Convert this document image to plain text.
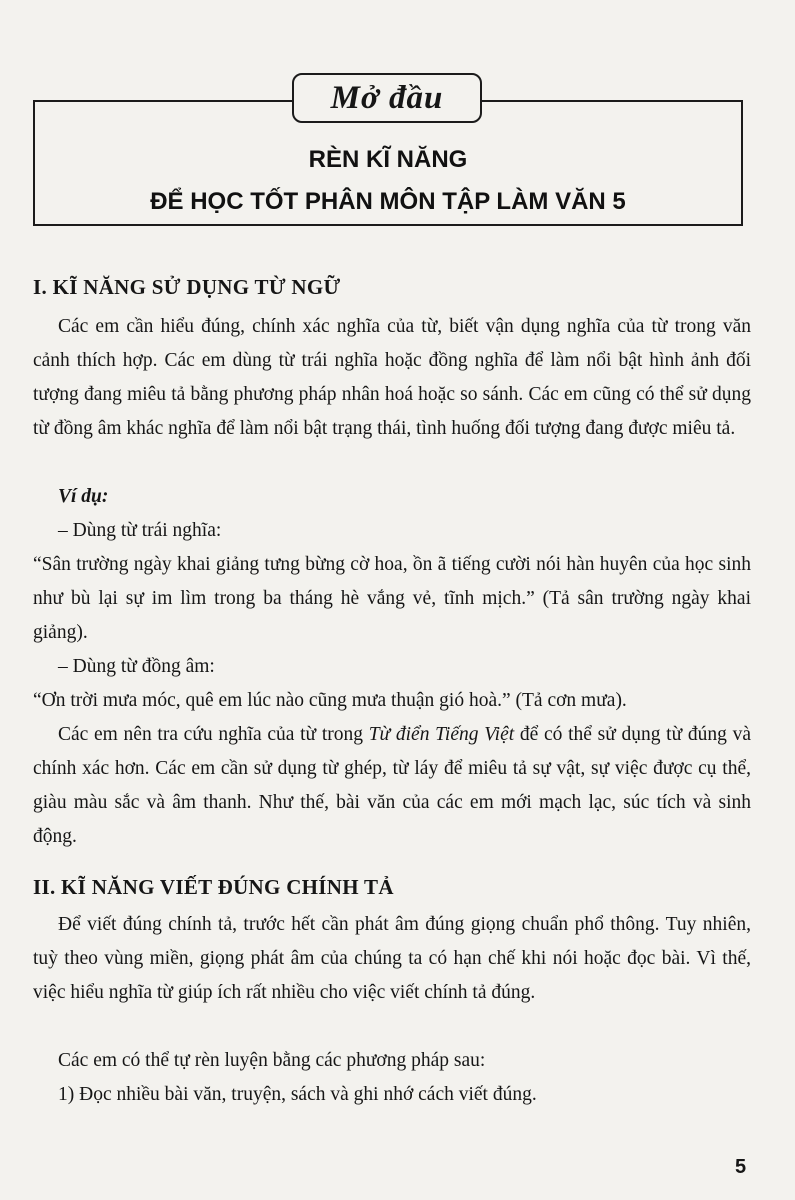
RÈN KĨ NĂNG
ĐỂ HỌC TỐT PHÂN MÔN TẬP LÀM VĂN 5
Mở đầu
I. KĨ NĂNG SỬ DỤNG TỪ NGỮ
Các em cần hiểu đúng, chính xác nghĩa của từ, biết vận dụng nghĩa của từ trong văn cảnh thích hợp. Các em dùng từ trái nghĩa hoặc đồng nghĩa để làm nổi bật hình ảnh đối tượng đang miêu tả bằng phương pháp nhân hoá hoặc so sánh. Các em cũng có thể sử dụng từ đồng âm khác nghĩa để làm nổi bật trạng thái, tình huống đối tượng đang được miêu tả.
Ví dụ:
– Dùng từ trái nghĩa:
“Sân trường ngày khai giảng tưng bừng cờ hoa, ồn ã tiếng cười nói hàn huyên của học sinh như bù lại sự im lìm trong ba tháng hè vắng vẻ, tĩnh mịch.” (Tả sân trường ngày khai giảng).
– Dùng từ đồng âm:
“Ơn trời mưa móc, quê em lúc nào cũng mưa thuận gió hoà.” (Tả cơn mưa).
Các em nên tra cứu nghĩa của từ trong Từ điển Tiếng Việt để có thể sử dụng từ đúng và chính xác hơn. Các em cần sử dụng từ ghép, từ láy để miêu tả sự vật, sự việc được cụ thể, giàu màu sắc và âm thanh. Như thế, bài văn của các em mới mạch lạc, súc tích và sinh động.
II. KĨ NĂNG VIẾT ĐÚNG CHÍNH TẢ
Để viết đúng chính tả, trước hết cần phát âm đúng giọng chuẩn phổ thông. Tuy nhiên, tuỳ theo vùng miền, giọng phát âm của chúng ta có hạn chế khi nói hoặc đọc bài. Vì thế, việc hiểu nghĩa từ giúp ích rất nhiều cho việc viết chính tả đúng.
Các em có thể tự rèn luyện bằng các phương pháp sau:
1) Đọc nhiều bài văn, truyện, sách và ghi nhớ cách viết đúng.
5
